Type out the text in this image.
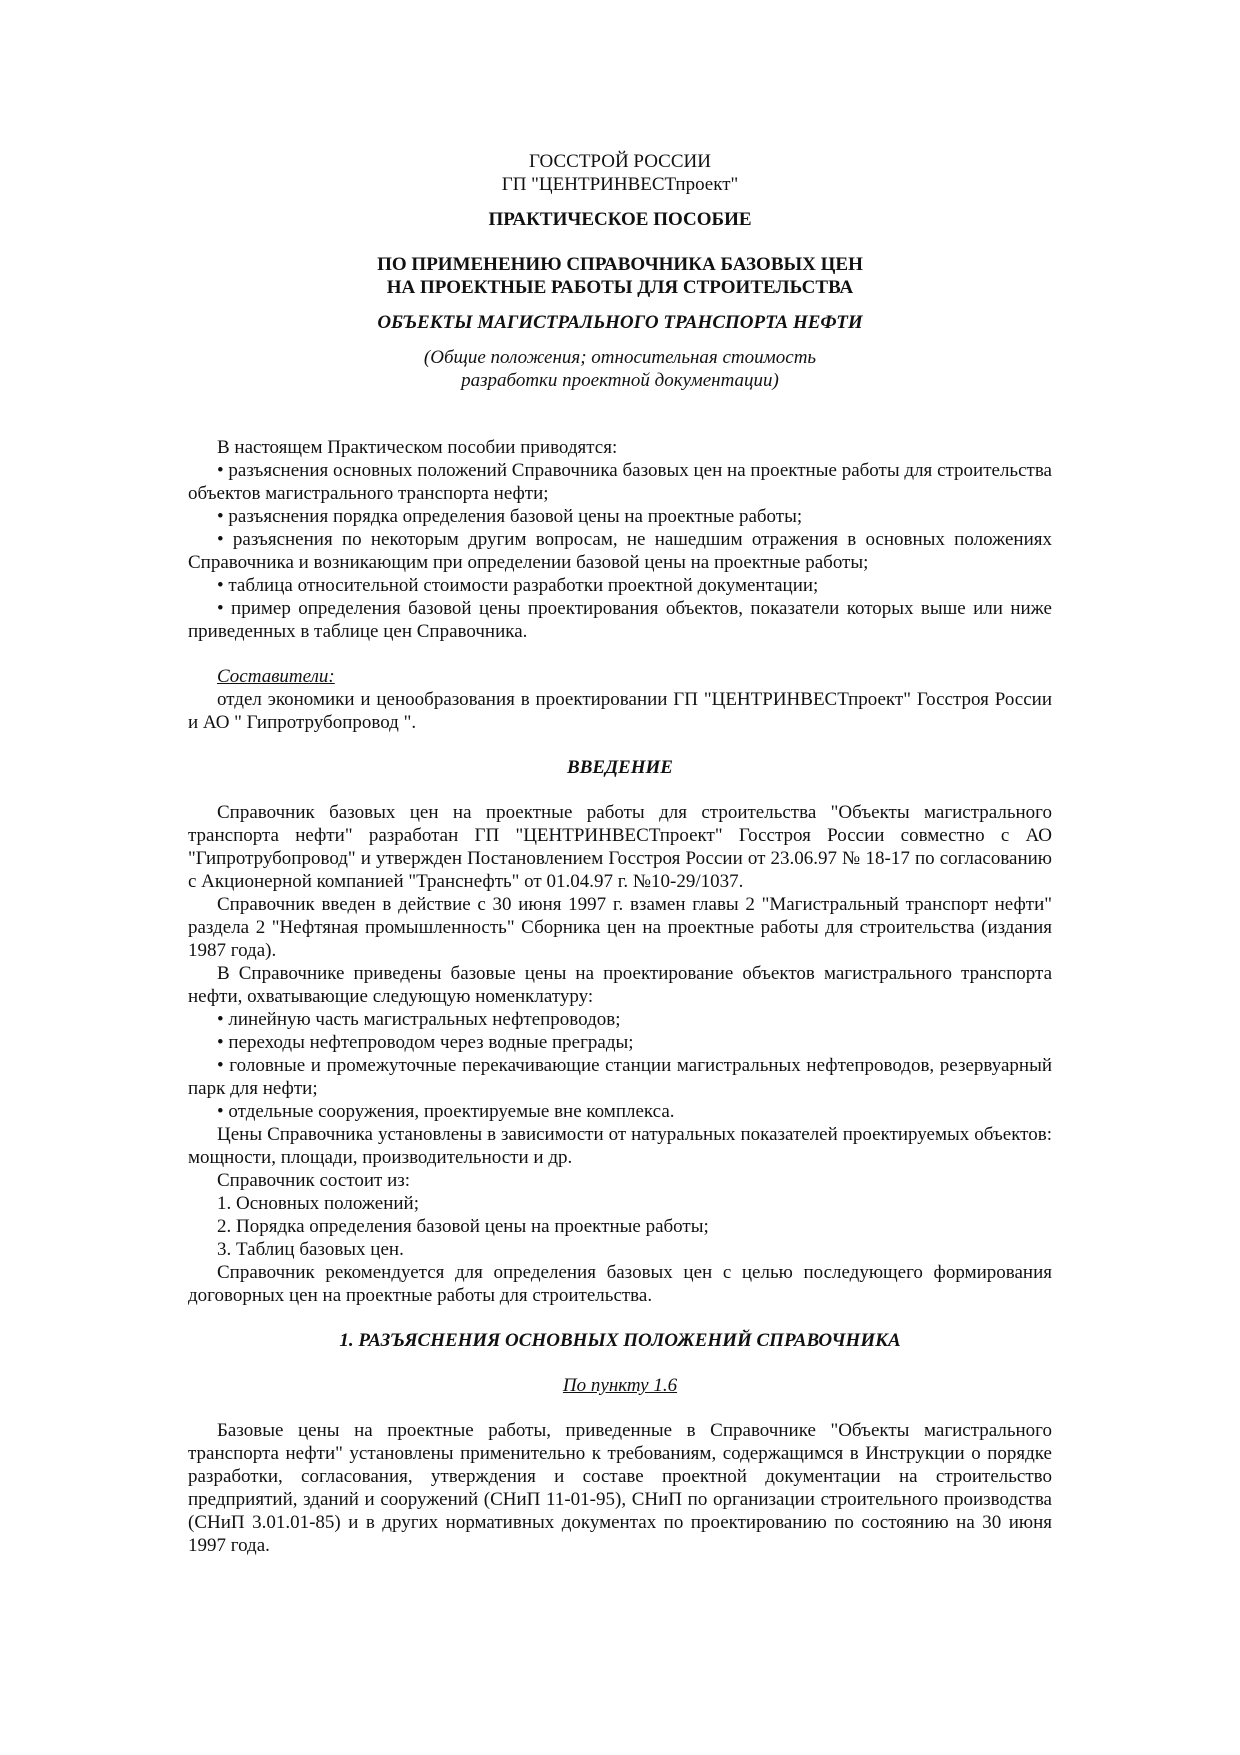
ГОССТРОЙ РОССИИ

ГП "ЦЕНТРИНВЕСТпроект"

ПРАКТИЧЕСКОЕ ПОСОБИЕ

ПО ПРИМЕНЕНИЮ СПРАВОЧНИКА БАЗОВЫХ ЦЕН

НА ПРОЕКТНЫЕ РАБОТЫ ДЛЯ СТРОИТЕЛЬСТВА

ОБЪЕКТЫ МАГИСТРАЛЬНОГО ТРАНСПОРТА НЕФТИ

(Общие положения; относительная стоимость

разработки проектной документации)

В настоящем Практическом пособии приводятся:

• разъяснения основных положений Справочника базовых цен на проектные работы для строительства объектов магистрального транспорта нефти;

• разъяснения порядка определения базовой цены на проектные работы;

• разъяснения по некоторым другим вопросам, не нашедшим отражения в основных положениях Справочника и возникающим при определении базовой цены на проектные работы;

• таблица относительной стоимости разработки проектной документации;

• пример определения базовой цены проектирования объектов, показатели которых выше или ниже приведенных в таблице цен Справочника.

Составители:

отдел экономики и ценообразования в проектировании ГП "ЦЕНТРИНВЕСТпроект" Госстроя России и АО " Гипротрубопровод ".

ВВЕДЕНИЕ

Справочник базовых цен на проектные работы для строительства "Объекты магистрального транспорта нефти" разработан ГП "ЦЕНТРИНВЕСТпроект" Госстроя России совместно с АО "Гипротрубопровод" и утвержден Постановлением Госстроя России от 23.06.97 № 18-17 по согласованию с Акционерной компанией "Транснефть" от 01.04.97 г. №10-29/1037.

Справочник введен в действие с 30 июня 1997 г. взамен главы 2 "Магистральный транспорт нефти" раздела 2 "Нефтяная промышленность" Сборника цен на проектные работы для строительства (издания 1987 года).

В Справочнике приведены базовые цены на проектирование объектов магистрального транспорта нефти, охватывающие следующую номенклатуру:

• линейную часть магистральных нефтепроводов;

• переходы нефтепроводом через водные преграды;

• головные и промежуточные перекачивающие станции магистральных нефтепроводов, резервуарный парк для нефти;

• отдельные сооружения, проектируемые вне комплекса.

Цены Справочника установлены в зависимости от натуральных показателей проектируемых объектов: мощности, площади, производительности и др.

Справочник состоит из:

1. Основных положений;

2. Порядка определения базовой цены на проектные работы;

3. Таблиц базовых цен.

Справочник рекомендуется для определения базовых цен с целью последующего формирования договорных цен на проектные работы для строительства.

1. РАЗЪЯСНЕНИЯ ОСНОВНЫХ ПОЛОЖЕНИЙ СПРАВОЧНИКА

По пункту 1.6

Базовые цены на проектные работы, приведенные в Справочнике "Объекты магистрального транспорта нефти" установлены применительно к требованиям, содержащимся в Инструкции о порядке разработки, согласования, утверждения и составе проектной документации на строительство предприятий, зданий и сооружений (СНиП 11-01-95), СНиП по организации строительного производства (СНиП 3.01.01-85) и в других нормативных документах по проектированию по состоянию на 30 июня 1997 года.
